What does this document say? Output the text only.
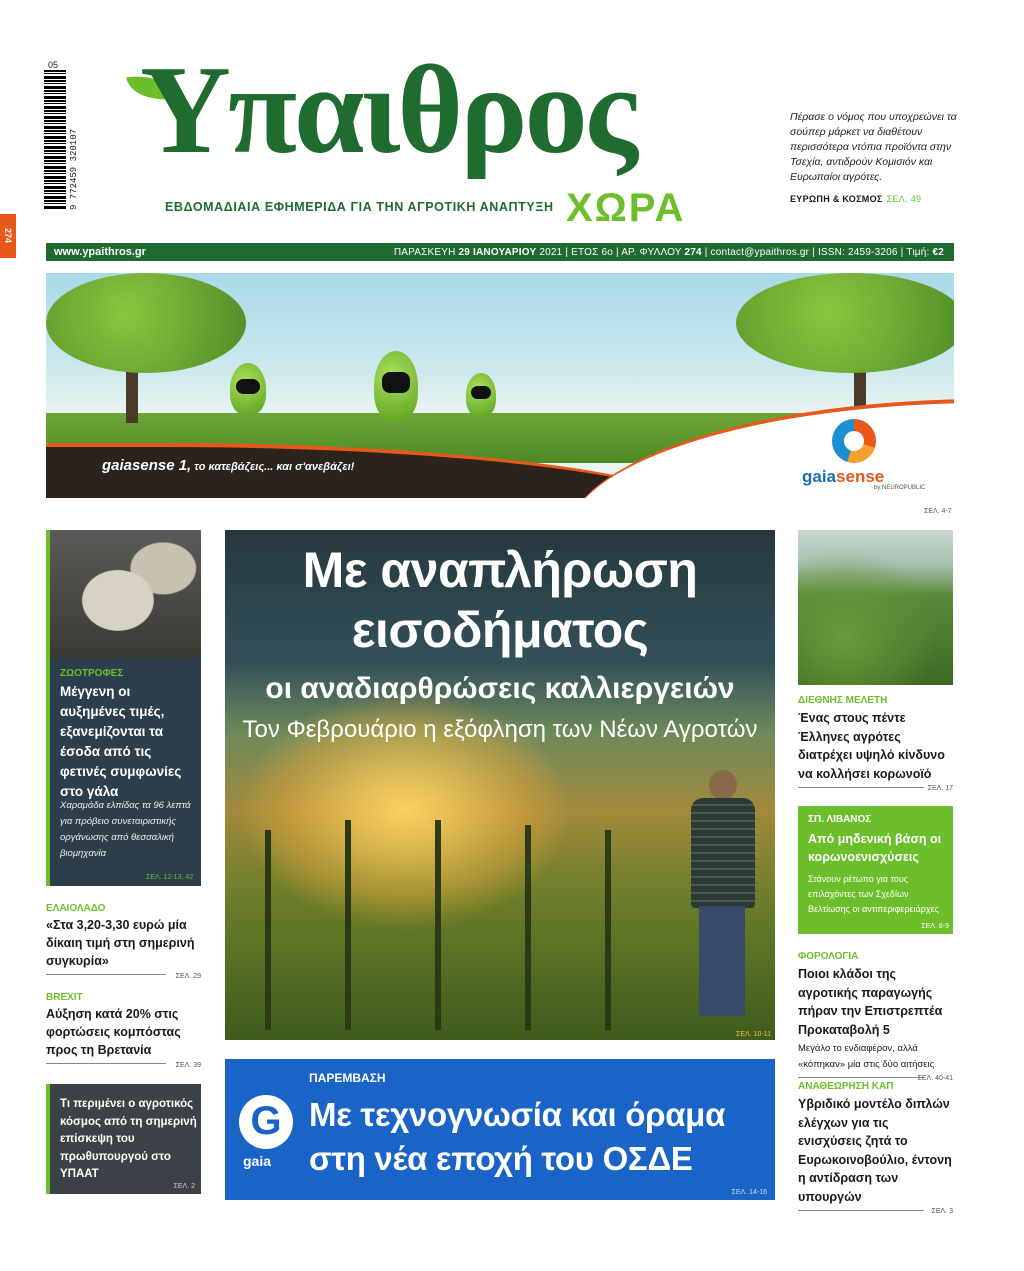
9 772459 320107
05
274
Υπαιθρος
ΕΒΔΟΜΑΔΙΑΙΑ ΕΦΗΜΕΡΙΔΑ ΓΙΑ ΤΗΝ ΑΓΡΟΤΙΚΗ ΑΝΑΠΤΥΞΗ ΧΩΡΑ
Πέρασε ο νόμος που υποχρεώνει τα σούπερ μάρκετ να διαθέτουν περισσότερα ντόπια προϊόντα στην Τσεχία, αντιδρούν Κομισιόν και Ευρωπαίοι αγρότες.
ΕΥΡΩΠΗ & ΚΟΣΜΟΣ ΣΕΛ. 49
www.ypaithros.gr	ΠΑΡΑΣΚΕΥΗ 29 ΙΑΝΟΥΑΡΙΟΥ 2021 | ΕΤΟΣ 6ο | ΑΡ. ΦΥΛΛΟΥ 274 | contact@ypaithros.gr | ISSN: 2459-3206 | Τιμή: €2
gaiasense 1, το κατεβάζεις... και σ'ανεβάζει!	gaiasense
by NEUROPUBLIC
ΣΕΛ. 4-7
ΖΩΟΤΡΟΦΕΣ
Μέγγενη οι αυξημένες τιμές, εξανεμίζονται τα έσοδα από τις φετινές συμφωνίες στο γάλα
Χαραμάδα ελπίδας τα 96 λεπτά για πρόβειο συνεταιριστικής οργάνωσης από θεσσαλική βιομηχανία
ΣΕΛ. 12-13, 42
ΕΛΑΙΟΛΑΔΟ
«Στα 3,20-3,30 ευρώ μία δίκαιη τιμή στη σημερινή συγκυρία»
ΣΕΛ. 29
BREXIT
Αύξηση κατά 20% στις φορτώσεις κομπόστας προς τη Βρετανία
ΣΕΛ. 39
Τι περιμένει ο αγροτικός κόσμος από τη σημερινή επίσκεψη του πρωθυπουργού στο ΥΠΑΑΤ
ΣΕΛ. 2
Με αναπλήρωση εισοδήματος
οι αναδιαρθρώσεις καλλιεργειών
Τον Φεβρουάριο η εξόφληση των Νέων Αγροτών
ΣΕΛ. 10-11
G
gaia
ΠΑΡΕΜΒΑΣΗ
Με τεχνογνωσία και όραμα στη νέα εποχή του ΟΣΔΕ
ΣΕΛ. 14-16
ΔΙΕΘΝΗΣ ΜΕΛΕΤΗ
Ένας στους πέντε Έλληνες αγρότες διατρέχει υψηλό κίνδυνο να κολλήσει κορωνοϊό
ΣΕΛ. 17
ΣΠ. ΛΙΒΑΝΟΣ
Από μηδενική βάση οι κορωνοενισχύσεις
Στάνουν ρέτωπο για τους επιλαχόντες των Σχεδίων Βελτίωσης οι αντιπεριφερειάρχες
ΣΕΛ. 8-9
ΦΟΡΟΛΟΓΙΑ
Ποιοι κλάδοι της αγροτικής παραγωγής πήραν την Επιστρεπτέα Προκαταβολή 5
Μεγάλο το ενδιαφέρον, αλλά «κόπηκαν» μία στις δύο αιτήσεις
ΣΕΛ. 40-41
ΑΝΑΘΕΩΡΗΣΗ ΚΑΠ
Υβριδικό μοντέλο διπλών ελέγχων για τις ενισχύσεις ζητά το Ευρωκοινοβούλιο, έντονη η αντίδραση των υπουργών
ΣΕΛ. 3
